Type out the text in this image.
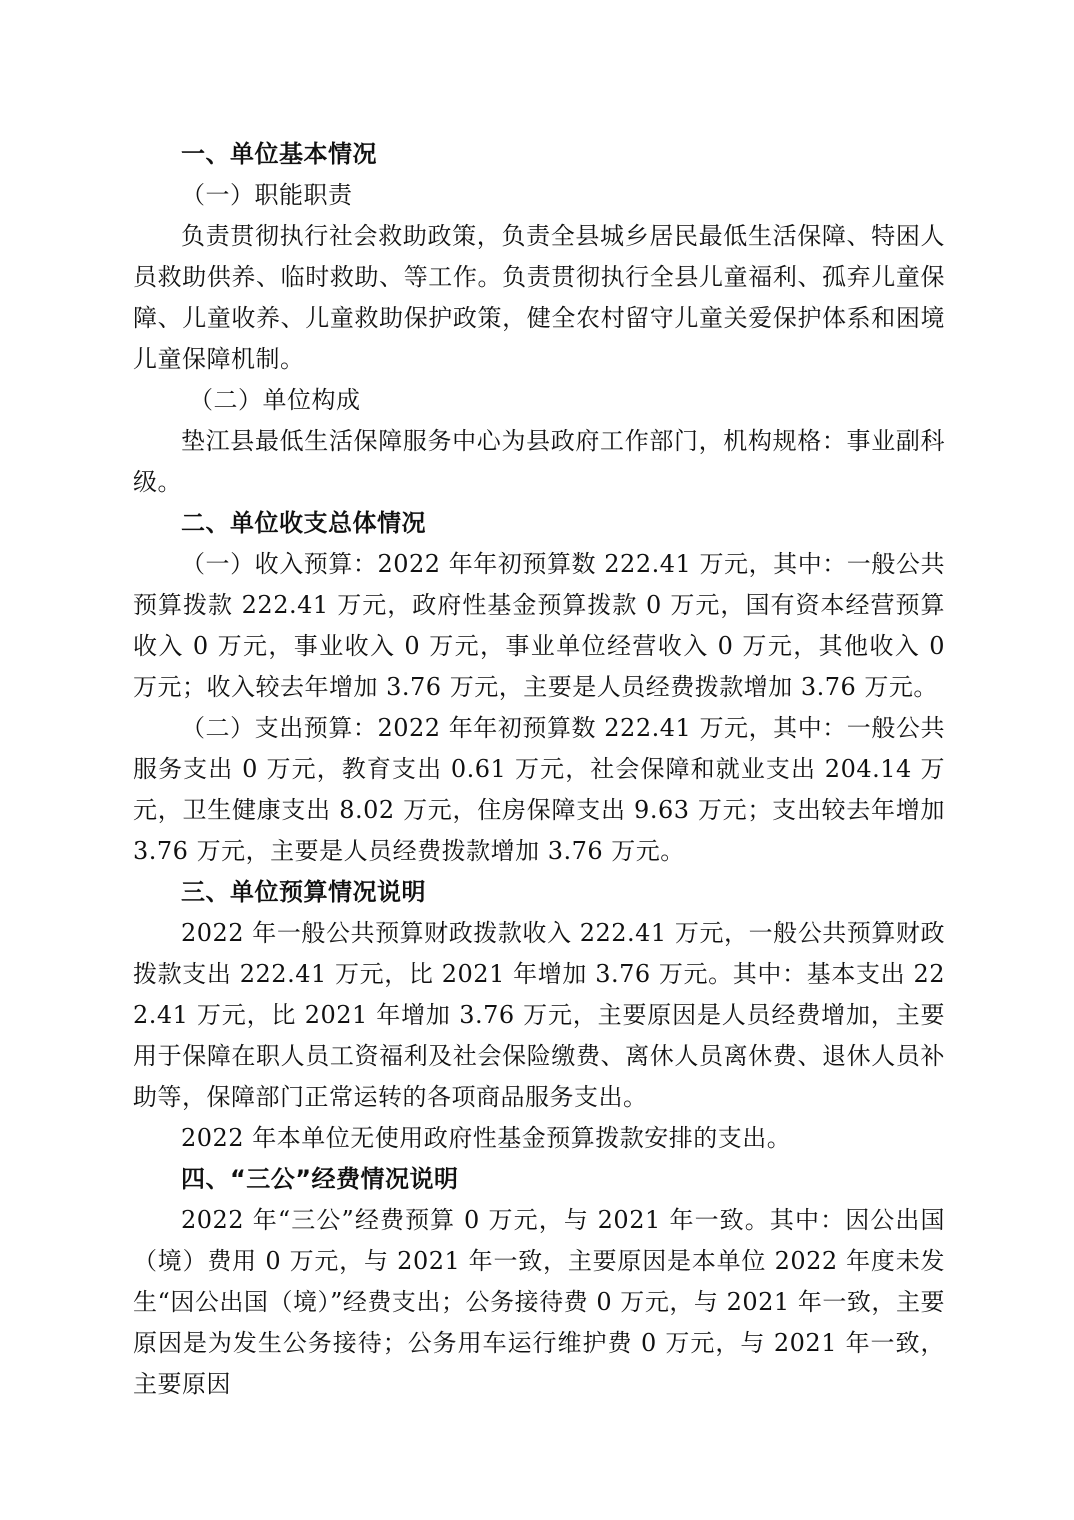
一、单位基本情况

（一）职能职责

负责贯彻执行社会救助政策，负责全县城乡居民最低生活保障、特困人员救助供养、临时救助、等工作。负责贯彻执行全县儿童福利、孤弃儿童保障、儿童收养、儿童救助保护政策，健全农村留守儿童关爱保护体系和困境儿童保障机制。

（二）单位构成

垫江县最低生活保障服务中心为县政府工作部门，机构规格：事业副科级。

二、单位收支总体情况

（一）收入预算：2022 年年初预算数 222.41 万元，其中：一般公共预算拨款 222.41 万元，政府性基金预算拨款 0 万元，国有资本经营预算收入 0 万元，事业收入 0 万元，事业单位经营收入 0 万元，其他收入 0 万元；收入较去年增加 3.76 万元，主要是人员经费拨款增加 3.76 万元。

（二）支出预算：2022 年年初预算数 222.41 万元，其中：一般公共服务支出 0 万元，教育支出 0.61 万元，社会保障和就业支出 204.14 万元，卫生健康支出 8.02 万元，住房保障支出 9.63 万元；支出较去年增加 3.76 万元，主要是人员经费拨款增加 3.76 万元。

三、单位预算情况说明

2022 年一般公共预算财政拨款收入 222.41 万元，一般公共预算财政拨款支出 222.41 万元，比 2021 年增加 3.76 万元。其中：基本支出 222.41 万元，比 2021 年增加 3.76 万元，主要原因是人员经费增加，主要用于保障在职人员工资福利及社会保险缴费、离休人员离休费、退休人员补助等，保障部门正常运转的各项商品服务支出。

2022 年本单位无使用政府性基金预算拨款安排的支出。

四、“三公”经费情况说明

2022 年“三公”经费预算 0 万元，与 2021 年一致。其中：因公出国（境）费用 0 万元，与 2021 年一致，主要原因是本单位 2022 年度未发生“因公出国（境）”经费支出；公务接待费 0 万元，与 2021 年一致，主要原因是为发生公务接待；公务用车运行维护费 0 万元，与 2021 年一致，主要原因
